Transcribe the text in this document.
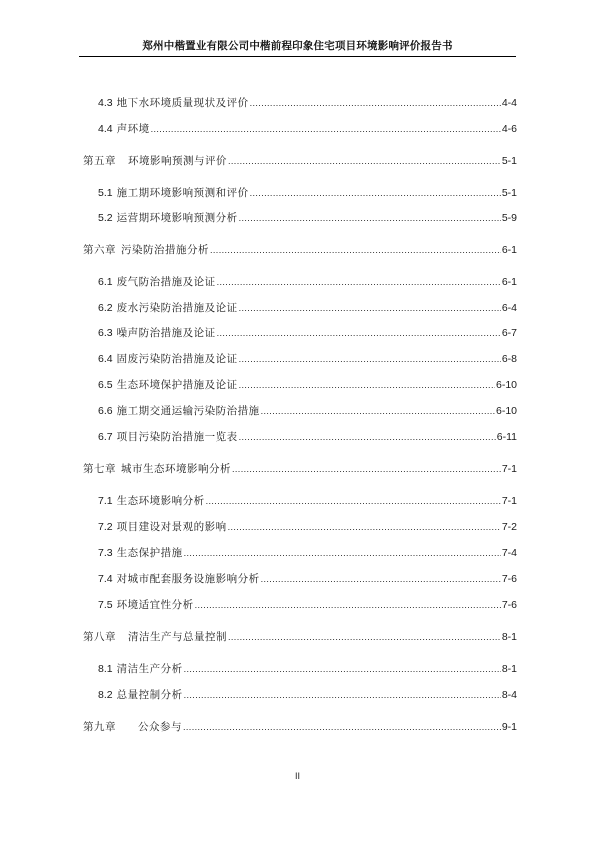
郑州中楷置业有限公司中楷前程印象住宅项目环境影响评价报告书
4.3 地下水环境质量现状及评价 .....	4-4
4.4 声环境 .....	4-6
第五章 环境影响预测与评价 .....	5-1
5.1 施工期环境影响预测和评价 .....	5-1
5.2 运营期环境影响预测分析 .....	5-9
第六章 污染防治措施分析 .....	6-1
6.1 废气防治措施及论证 .....	6-1
6.2 废水污染防治措施及论证 .....	6-4
6.3 噪声防治措施及论证 .....	6-7
6.4 固废污染防治措施及论证 .....	6-8
6.5 生态环境保护措施及论证 .....	6-10
6.6 施工期交通运输污染防治措施 .....	6-10
6.7 项目污染防治措施一览表 .....	6-11
第七章 城市生态环境影响分析 .....	7-1
7.1 生态环境影响分析 .....	7-1
7.2 项目建设对景观的影响 .....	7-2
7.3 生态保护措施 .....	7-4
7.4 对城市配套服务设施影响分析 .....	7-6
7.5 环境适宜性分析 .....	7-6
第八章 清洁生产与总量控制 .....	8-1
8.1 清洁生产分析 .....	8-1
8.2 总量控制分析 .....	8-4
第九章 公众参与 .....	9-1
II
